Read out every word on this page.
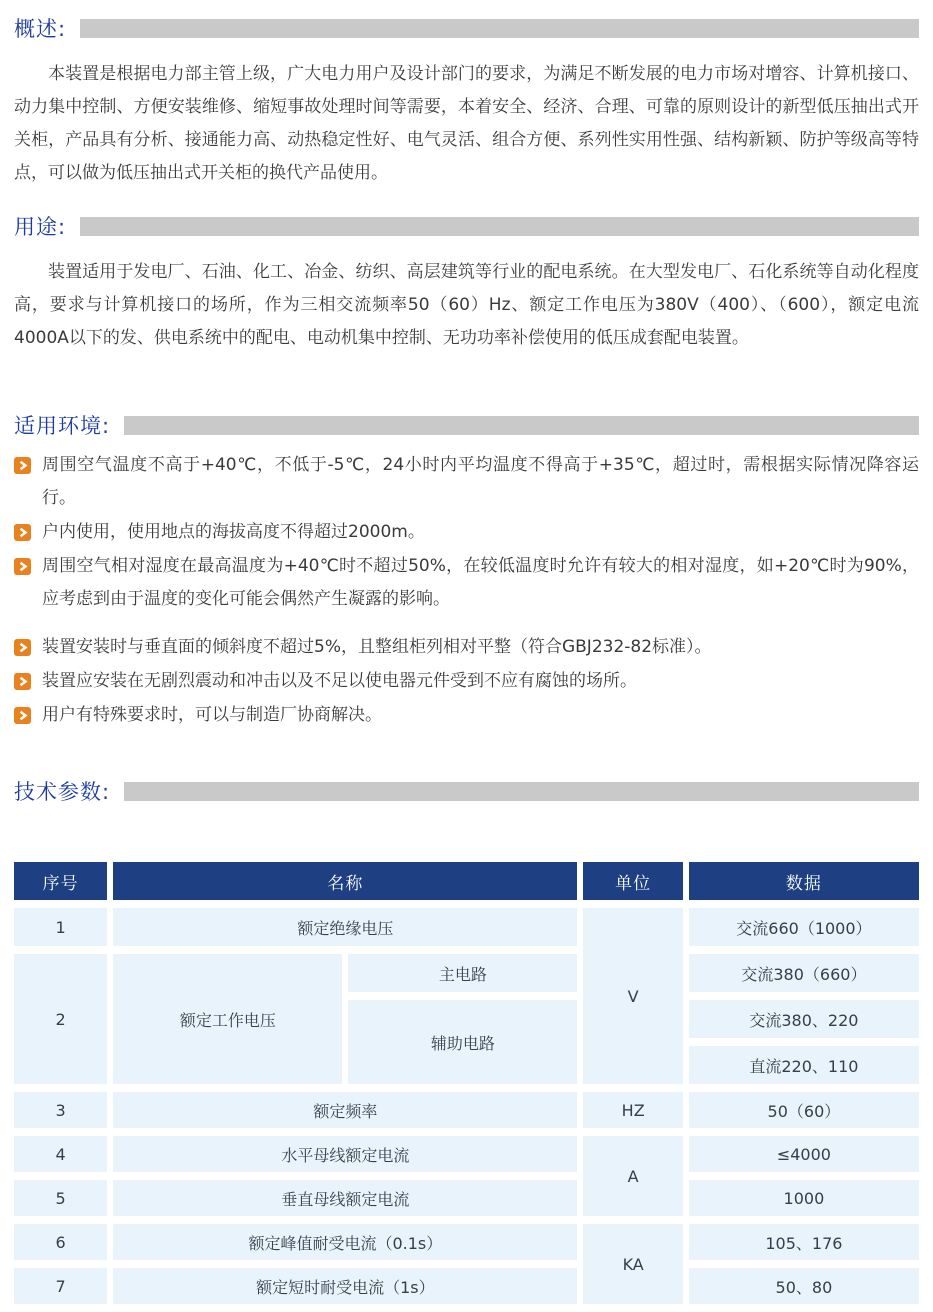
概述:

本装置是根据电力部主管上级，广大电力用户及设计部门的要求，为满足不断发展的电力市场对增容、计算机接口、动力集中控制、方便安装维修、缩短事故处理时间等需要，本着安全、经济、合理、可靠的原则设计的新型低压抽出式开关柜，产品具有分析、接通能力高、动热稳定性好、电气灵活、组合方便、系列性实用性强、结构新颖、防护等级高等特点，可以做为低压抽出式开关柜的换代产品使用。

用途:

装置适用于发电厂、石油、化工、冶金、纺织、高层建筑等行业的配电系统。在大型发电厂、石化系统等自动化程度高，要求与计算机接口的场所，作为三相交流频率50（60）Hz、额定工作电压为380V（400）、（600），额定电流4000A以下的发、供电系统中的配电、电动机集中控制、无功功率补偿使用的低压成套配电装置。

适用环境:
周围空气温度不高于+40℃，不低于-5℃，24小时内平均温度不得高于+35℃，超过时，需根据实际情况降容运行。
户内使用，使用地点的海拔高度不得超过2000m。
周围空气相对湿度在最高温度为+40℃时不超过50%，在较低温度时允许有较大的相对湿度，如+20℃时为90%，应考虑到由于温度的变化可能会偶然产生凝露的影响。
装置安装时与垂直面的倾斜度不超过5%，且整组柜列相对平整（符合GBJ232-82标准）。
装置应安装在无剧烈震动和冲击以及不足以使电器元件受到不应有腐蚀的场所。
用户有特殊要求时，可以与制造厂协商解决。
技术参数:
序号	名称		单位	数据
1	额定绝缘电压		V	交流660（1000）
2	额定工作电压	主电路		交流380（660）
		辅助电路		交流380、220
				直流220、110
3	额定频率		HZ	50（60）
4	水平母线额定电流		A	≤4000
5	垂直母线额定电流			1000
6	额定峰值耐受电流（0.1s）		KA	105、176
7	额定短时耐受电流（1s）			50、80
